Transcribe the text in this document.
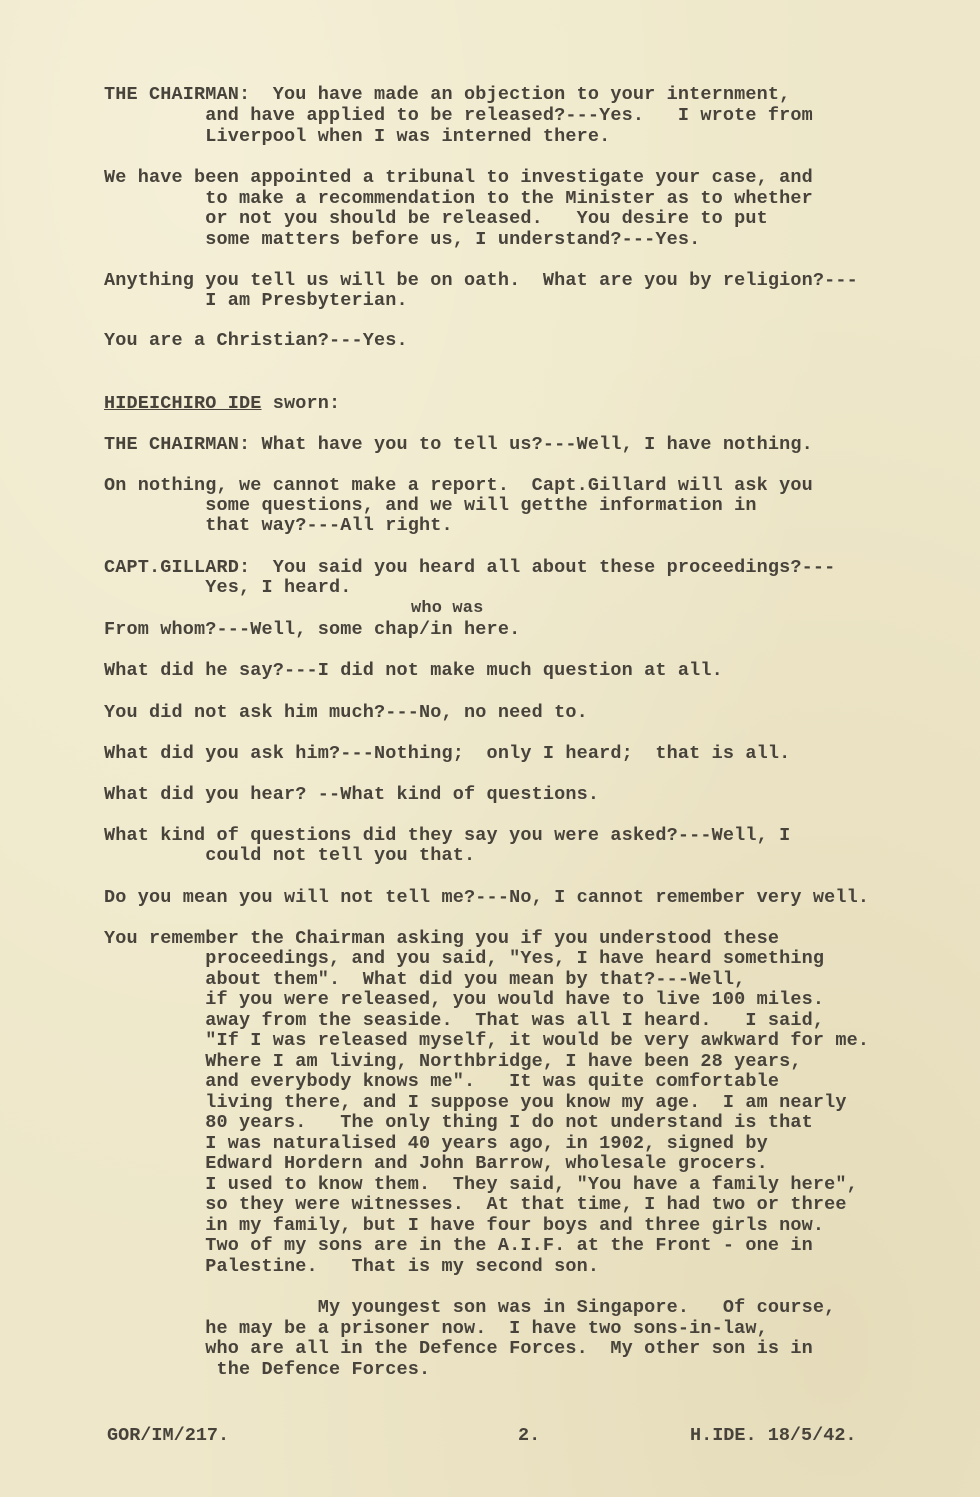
THE CHAIRMAN:  You have made an objection to your internment,
and have applied to be released?---Yes.   I wrote from
Liverpool when I was interned there.
We have been appointed a tribunal to investigate your case, and
to make a recommendation to the Minister as to whether
or not you should be released.   You desire to put
some matters before us, I understand?---Yes.
Anything you tell us will be on oath.  What are you by religion?---
I am Presbyterian.
You are a Christian?---Yes.
HIDEICHIRO IDE sworn:
THE CHAIRMAN: What have you to tell us?---Well, I have nothing.
On nothing, we cannot make a report.  Capt.Gillard will ask you
some questions, and we will getthe information in
that way?---All right.
CAPT.GILLARD:  You said you heard all about these proceedings?---
Yes, I heard.
who was
From whom?---Well, some chap/in here.
What did he say?---I did not make much question at all.
You did not ask him much?---No, no need to.
What did you ask him?---Nothing;  only I heard;  that is all.
What did you hear? --What kind of questions.
What kind of questions did they say you were asked?---Well, I
could not tell you that.
Do you mean you will not tell me?---No, I cannot remember very well.
You remember the Chairman asking you if you understood these
proceedings, and you said, "Yes, I have heard something
about them".  What did you mean by that?---Well,
if you were released, you would have to live 100 miles.
away from the seaside.  That was all I heard.   I said,
"If I was released myself, it would be very awkward for me.
Where I am living, Northbridge, I have been 28 years,
and everybody knows me".   It was quite comfortable
living there, and I suppose you know my age.  I am nearly
80 years.   The only thing I do not understand is that
I was naturalised 40 years ago, in 1902, signed by
Edward Hordern and John Barrow, wholesale grocers.
I used to know them.  They said, "You have a family here",
so they were witnesses.  At that time, I had two or three
in my family, but I have four boys and three girls now.
Two of my sons are in the A.I.F. at the Front - one in
Palestine.   That is my second son.
My youngest son was in Singapore.   Of course,
he may be a prisoner now.  I have two sons-in-law,
who are all in the Defence Forces.  My other son is in
the Defence Forces.
GOR/IM/217.	2.	H.IDE. 18/5/42.
